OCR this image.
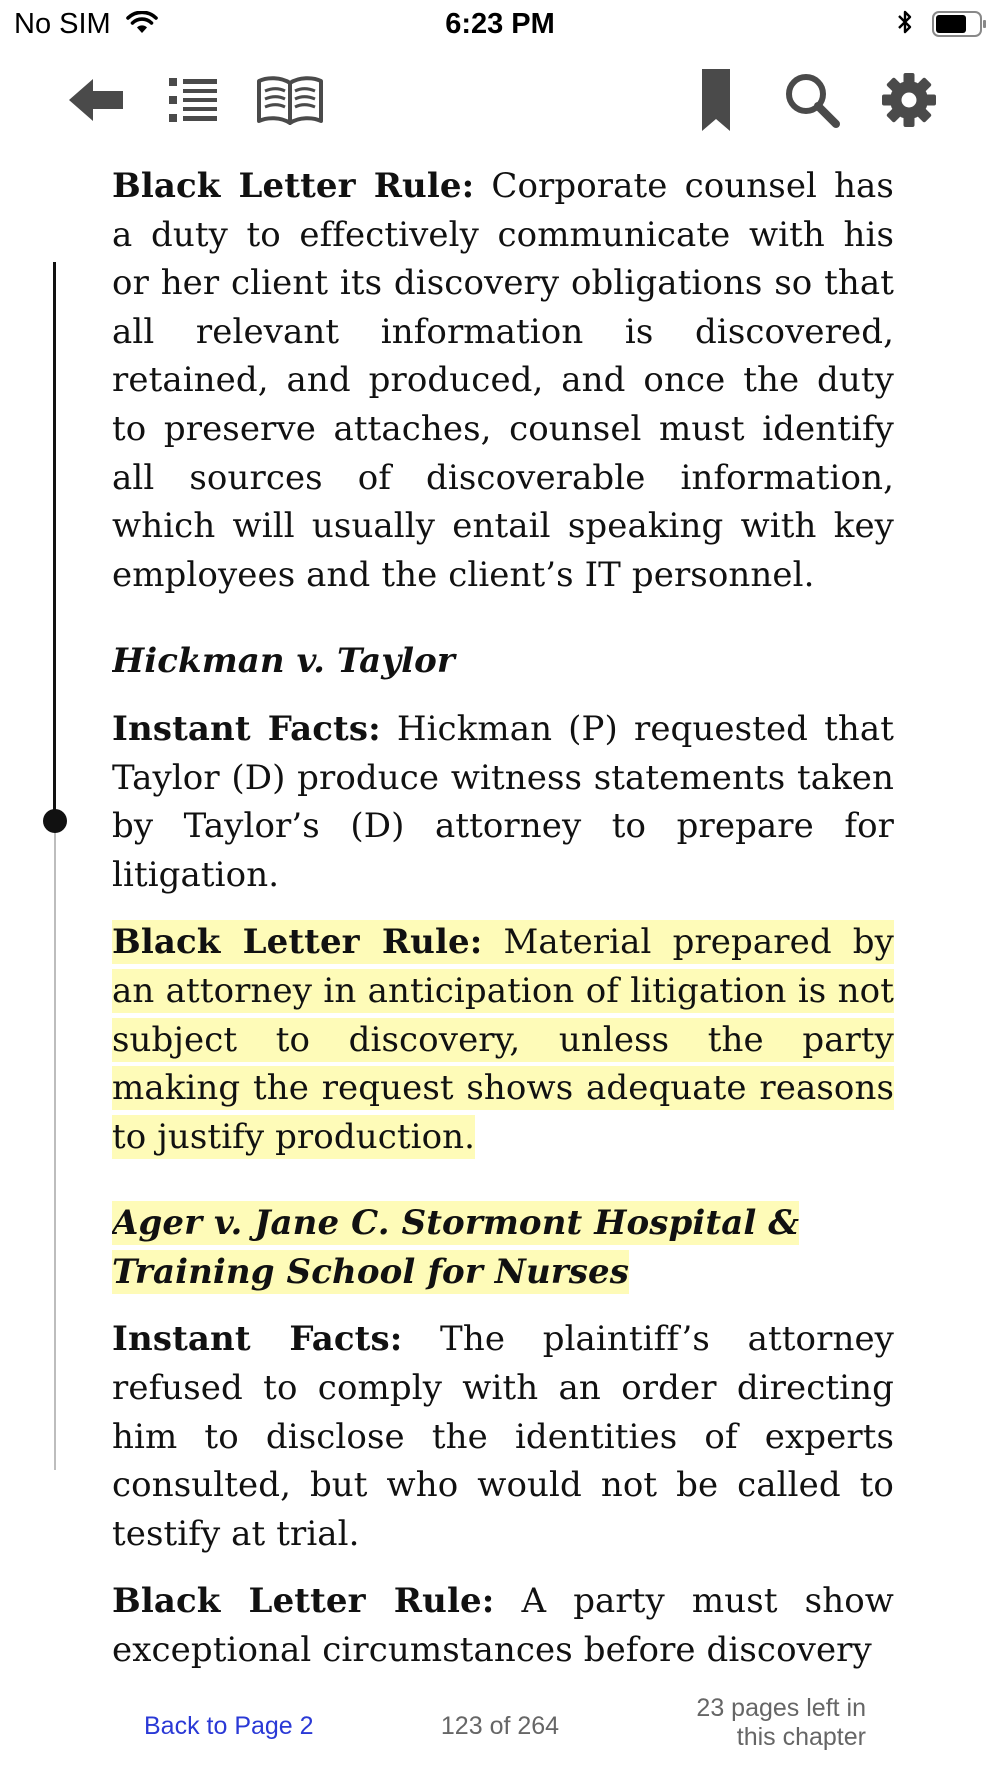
No SIM	6:23 PM

Black Letter Rule: Corporate counsel has a duty to effectively communicate with his or her client its discovery obligations so that all relevant information is discovered, retained, and produced, and once the duty to preserve attaches, counsel must identify all sources of discoverable information, which will usually entail speaking with key employees and the client’s IT personnel.

Hickman v. Taylor

Instant Facts: Hickman (P) requested that Taylor (D) produce witness statements taken by Taylor’s (D) attorney to prepare for litigation.

Black Letter Rule: Material prepared by an attorney in anticipation of litigation is not subject to discovery, unless the party making the request shows adequate reasons to justify production.

Ager v. Jane C. Stormont Hospital & Training School for Nurses

Instant Facts: The plaintiff’s attorney refused to comply with an order directing him to disclose the identities of experts consulted, but who would not be called to testify at trial.

Black Letter Rule: A party must show exceptional circumstances before discovery

Back to Page 2	123 of 264
23 pages left in
this chapter
